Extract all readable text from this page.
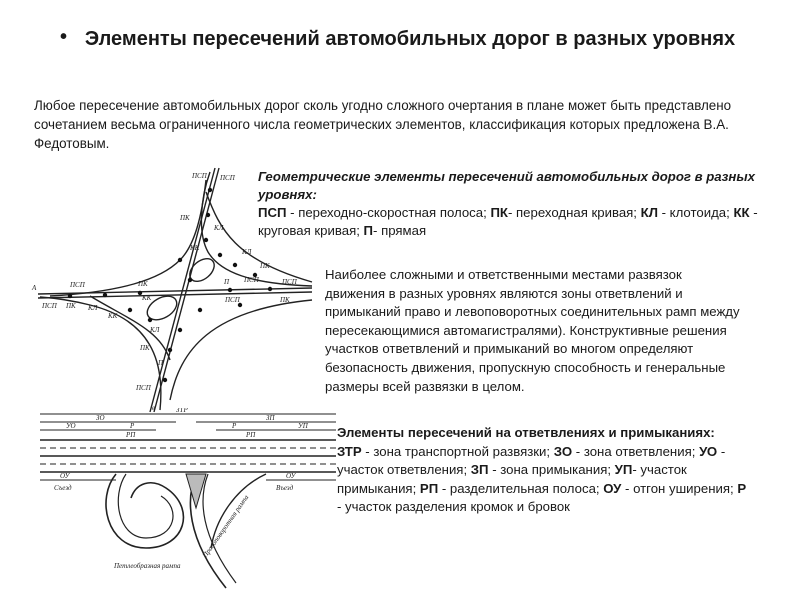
• Элементы пересечений автомобильных дорог в разных уровнях
Любое пересечение автомобильных дорог сколь угодно сложного очертания в плане может быть представлено сочетанием весьма ограниченного числа геометрических элементов, классификация которых предложена В.А. Федотовым.
А	ПСП
ПСП ПК КЛ
КК
ПК
КК
КЛ
ПК
П
ПСП
в
ПСП
ПСП
ПК
КЛ
КК	КЛ
ПК
П ПСП	ПСП
ПК
ПСП
ЗТР
ЗО	ЗП
УО	Р	Р	УП
РП	РП
ОУ	ОУ
Съезд	Въезд
Петлеобразная рампа
Правоповоротная рампа
Геометрические элементы пересечений автомобильных дорог в разных уровнях:
ПСП - переходно-скоростная полоса; ПК- переходная кривая; КЛ - клотоида; КК - круговая кривая; П- прямая
Наиболее сложными и ответственными местами развязок движения в разных уровнях являются зоны ответвлений и примыканий право и левоповоротных соединительных рамп между пересекающимися автомагистралями). Конструктивные решения участков ответвлений и примыканий во многом определяют безопасность движения, пропускную способность и генеральные размеры всей развязки в целом.
Элементы пересечений на ответвлениях и примыканиях:
ЗТР - зона транспортной развязки; ЗО - зона ответвления; УО - участок ответвления; ЗП - зона примыкания; УП- участок примыкания; РП - разделительная полоса; ОУ - отгон уширения; Р - участок разделения кромок и бровок
